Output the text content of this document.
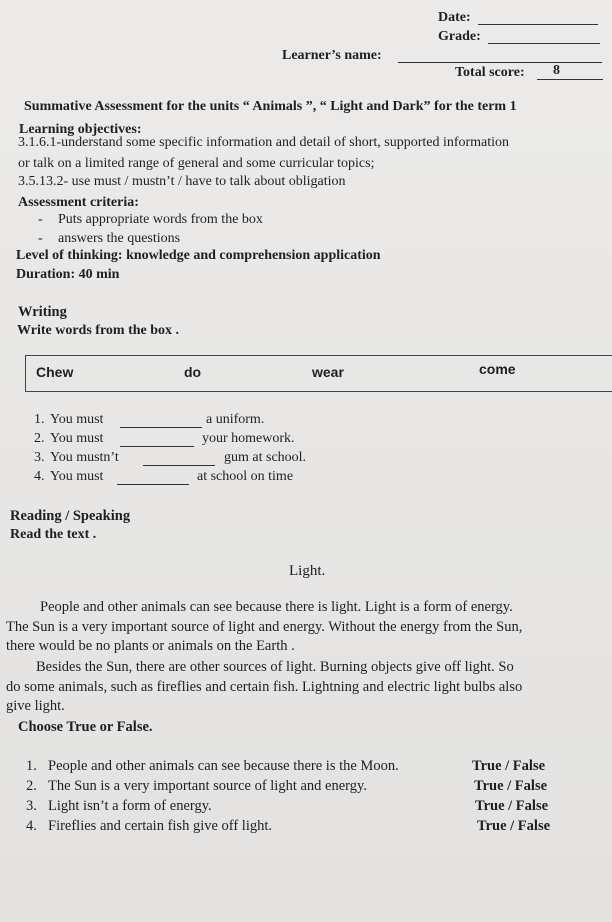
Date:
Grade:
Learner’s name:
Total score: 8
Summative Assessment for the units “ Animals ”, “ Light and Dark” for the term 1
Learning objectives:
3.1.6.1-understand some specific information and detail of short, supported information
or talk on a limited range of general and some curricular topics;
3.5.13.2- use must / mustn’t / have to talk about obligation
Assessment criteria:
- Puts appropriate words from the box
- answers the questions
Level of thinking: knowledge and comprehension application
Duration: 40 min
Writing
Write words from the box .
Chew	do	wear	come
1. You must	a uniform.
2. You must	your homework.
3. You mustn’t	gum at school.
4. You must	at school on time
Reading / Speaking
Read the text .
Light.
People and other animals can see because there is light. Light is a form of energy.
The Sun is a very important source of light and energy. Without the energy from the Sun,
there would be no plants or animals on the Earth .
Besides the Sun, there are other sources of light. Burning objects give off light. So
do some animals, such as fireflies and certain fish. Lightning and electric light bulbs also
give light.
Choose True or False.
1. People and other animals can see because there is the Moon.	True / False
2. The Sun is a very important source of light and energy.	True / False
3. Light isn’t a form of energy.	True / False
4. Fireflies and certain fish give off light.	True / False
